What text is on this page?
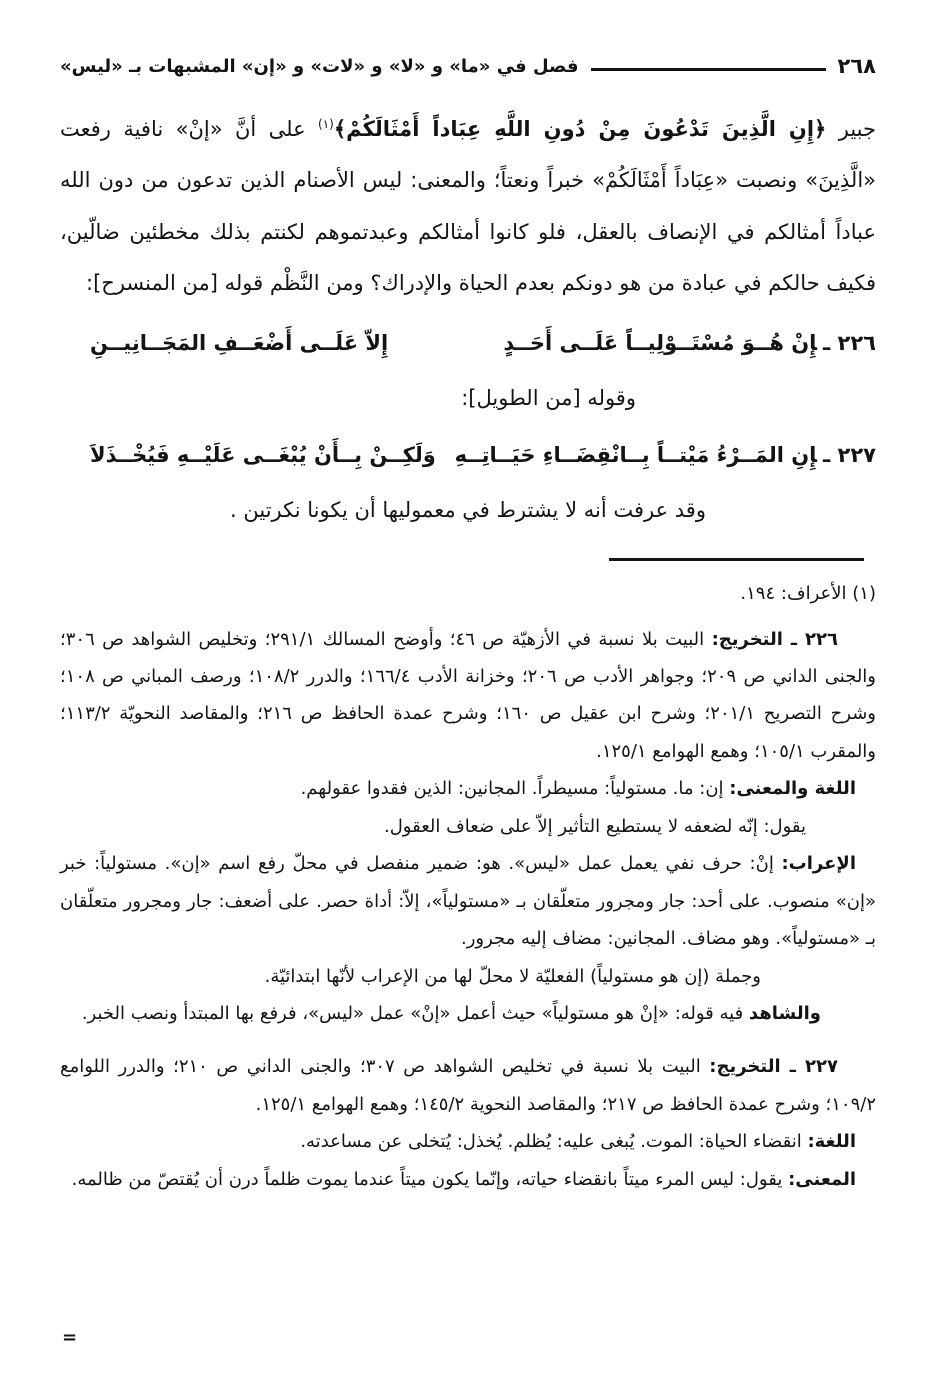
٢٦٨
فصل في «ما» و «لا» و «لات» و «إن» المشبهات بـ «ليس»
جبير ﴿إِنِ الَّذِينَ تَدْعُونَ مِنْ دُونِ اللَّهِ عِبَاداً أَمْثَالَكُمْ﴾$^{(١)}$ على أنَّ «إنْ» نافية رفعت «الَّذِينَ» ونصبت «عِبَاداً أَمْثَالَكُمْ» خبراً ونعتاً؛ والمعنى: ليس الأصنام الذين تدعون من دون الله عباداً أمثالكم في الإنصاف بالعقل، فلو كانوا أمثالكم وعبدتموهم لكنتم بذلك مخطئين ضالّين، فكيف حالكم في عبادة من هو دونكم بعدم الحياة والإدراك؟ ومن النَّظْم قوله [من المنسرح]:
٢٢٦ ـإِنْ هُــوَ مُسْتَــوْلِيــاً عَلَــى أَحَــدٍ
إِلاّ عَلَــى أَضْعَــفِ المَجَــانِيــنِ
وقوله [من الطويل]:
٢٢٧ ـإِنِ المَــرْءُ مَيْتــاً بِــانْقِضَــاءِ حَيَــاتِــهِ
وَلَكِــنْ بِــأَنْ يُبْغَــى عَلَيْــهِ فَيُخْــذَلاَ
وقد عرفت أنه لا يشترط في معموليها أن يكونا نكرتين .

(١) الأعراف: ١٩٤.

٢٢٦ ـ التخريج: البيت بلا نسبة في الأزهيّة ص ٤٦؛ وأوضح المسالك ٢٩١/١؛ وتخليص الشواهد ص ٣٠٦؛ والجنى الداني ص ٢٠٩؛ وجواهر الأدب ص ٢٠٦؛ وخزانة الأدب ١٦٦/٤؛ والدرر ١٠٨/٢؛ ورصف المباني ص ١٠٨؛ وشرح التصريح ٢٠١/١؛ وشرح ابن عقيل ص ١٦٠؛ وشرح عمدة الحافظ ص ٢١٦؛ والمقاصد النحويّة ١١٣/٢؛ والمقرب ١٠٥/١؛ وهمع الهوامع ١٢٥/١.

اللغة والمعنى: إن: ما. مستولياً: مسيطراً. المجانين: الذين فقدوا عقولهم.

يقول: إنّه لضعفه لا يستطيع التأثير إلاّ على ضعاف العقول.

الإعراب: إنْ: حرف نفي يعمل عمل «ليس». هو: ضمير منفصل في محلّ رفع اسم «إن». مستولياً: خبر «إن» منصوب. على أحد: جار ومجرور متعلّقان بـ «مستولياً»، إلاّ: أداة حصر. على أضعف: جار ومجرور متعلّقان بـ «مستولياً». وهو مضاف. المجانين: مضاف إليه مجرور.

وجملة (إن هو مستولياً) الفعليّة لا محلّ لها من الإعراب لأنّها ابتدائيّة.

والشاهد فيه قوله: «إنْ هو مستولياً» حيث أعمل «إنْ» عمل «ليس»، فرفع بها المبتدأ ونصب الخبر.

٢٢٧ ـ التخريج: البيت بلا نسبة في تخليص الشواهد ص ٣٠٧؛ والجنى الداني ص ٢١٠؛ والدرر اللوامع ١٠٩/٢؛ وشرح عمدة الحافظ ص ٢١٧؛ والمقاصد النحوية ١٤٥/٢؛ وهمع الهوامع ١٢٥/١.

اللغة: انقضاء الحياة: الموت. يُبغى عليه: يُظلم. يُخذل: يُتخلى عن مساعدته.

المعنى: يقول: ليس المرء ميتاً بانقضاء حياته، وإنّما يكون ميتاً عندما يموت ظلماً درن أن يُقتصّ من ظالمه.

=
